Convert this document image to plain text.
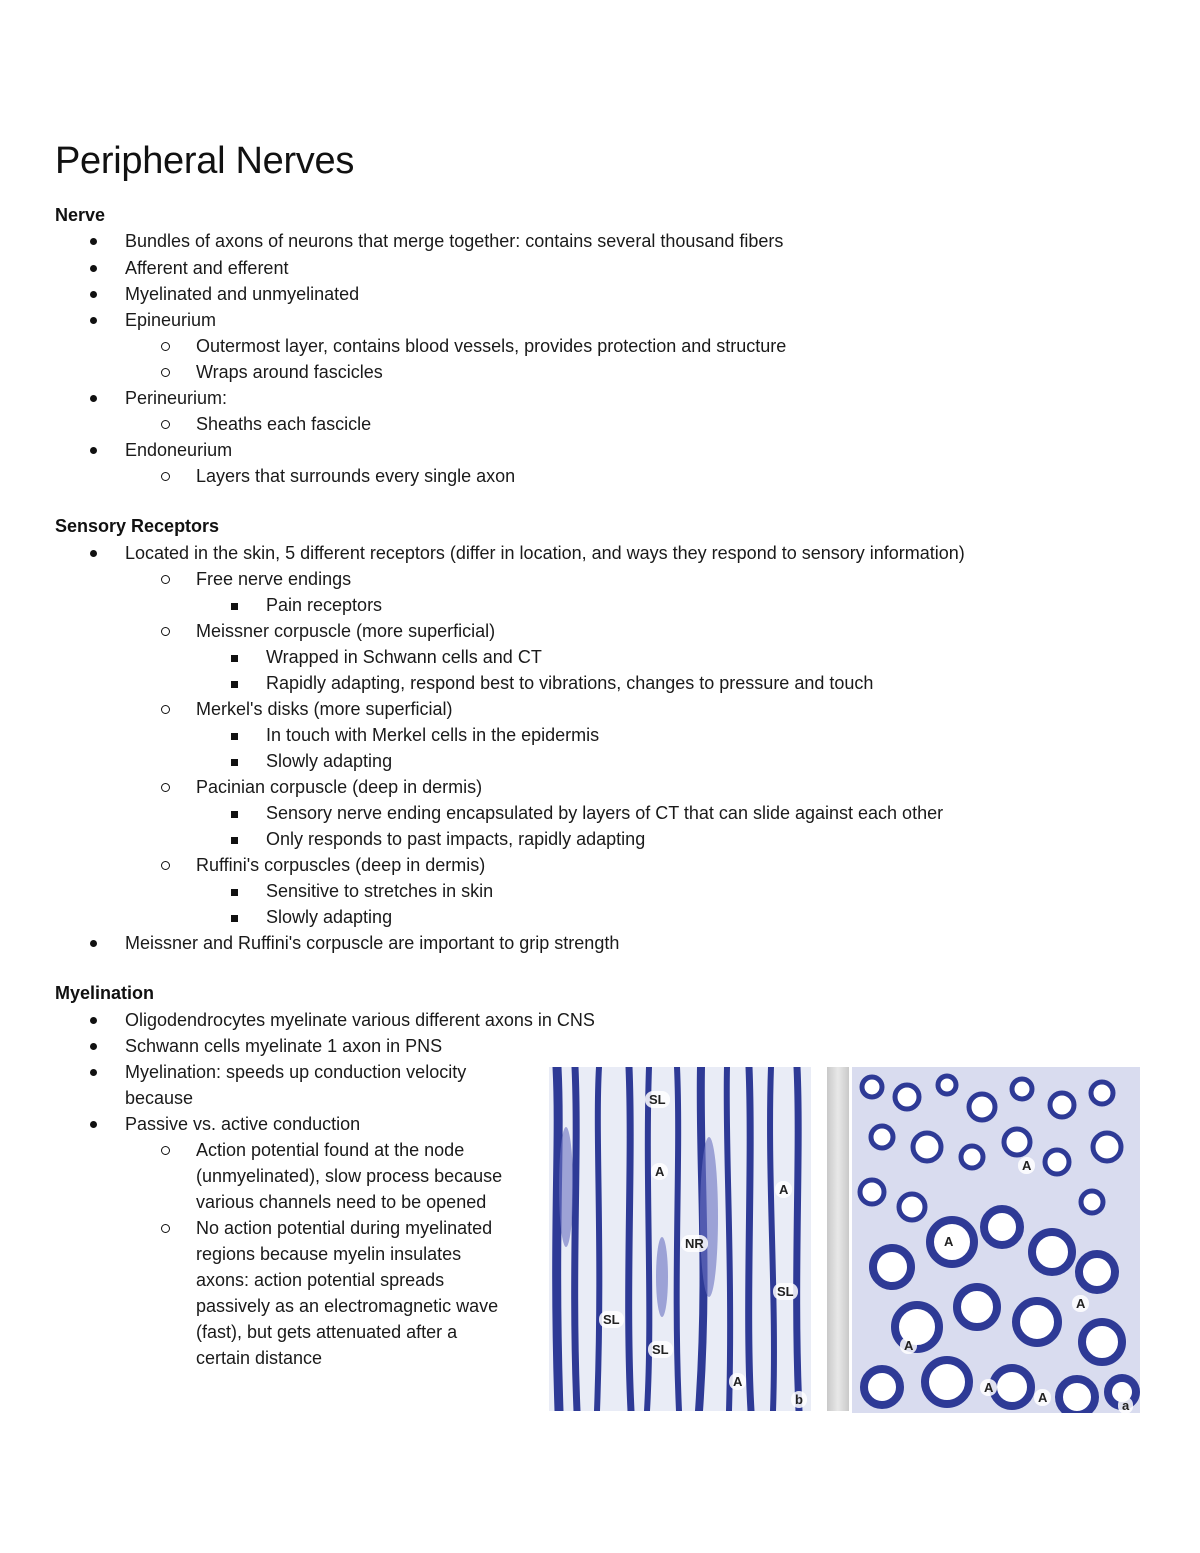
Peripheral Nerves
Nerve
Bundles of axons of neurons that merge together: contains several thousand fibers
Afferent and efferent
Myelinated and unmyelinated
Epineurium
Outermost layer, contains blood vessels, provides protection and structure
Wraps around fascicles
Perineurium:
Sheaths each fascicle
Endoneurium
Layers that surrounds every single axon
Sensory Receptors
Located in the skin, 5 different receptors (differ in location, and ways they respond to sensory information)
Free nerve endings
Pain receptors
Meissner corpuscle (more superficial)
Wrapped in Schwann cells and CT
Rapidly adapting, respond best to vibrations, changes to pressure and touch
Merkel's disks (more superficial)
In touch with Merkel cells in the epidermis
Slowly adapting
Pacinian corpuscle (deep in dermis)
Sensory nerve ending encapsulated by layers of CT that can slide against each other
Only responds to past impacts, rapidly adapting
Ruffini's corpuscles (deep in dermis)
Sensitive to stretches in skin
Slowly adapting
Meissner and Ruffini's corpuscle are important to grip strength
Myelination
Oligodendrocytes myelinate various different axons in CNS
Schwann cells myelinate 1 axon in PNS
Myelination: speeds up conduction velocity
because
Passive vs. active conduction
Action potential found at the node
(unmyelinated), slow process because
various channels need to be opened
No action potential during myelinated
regions because myelin insulates
axons: action potential spreads
passively as an electromagnetic wave
(fast), but gets attenuated after a
certain distance
SL
A
NR
A
SL
SL
SL
A
b
A
A
A
A
A
A
a
